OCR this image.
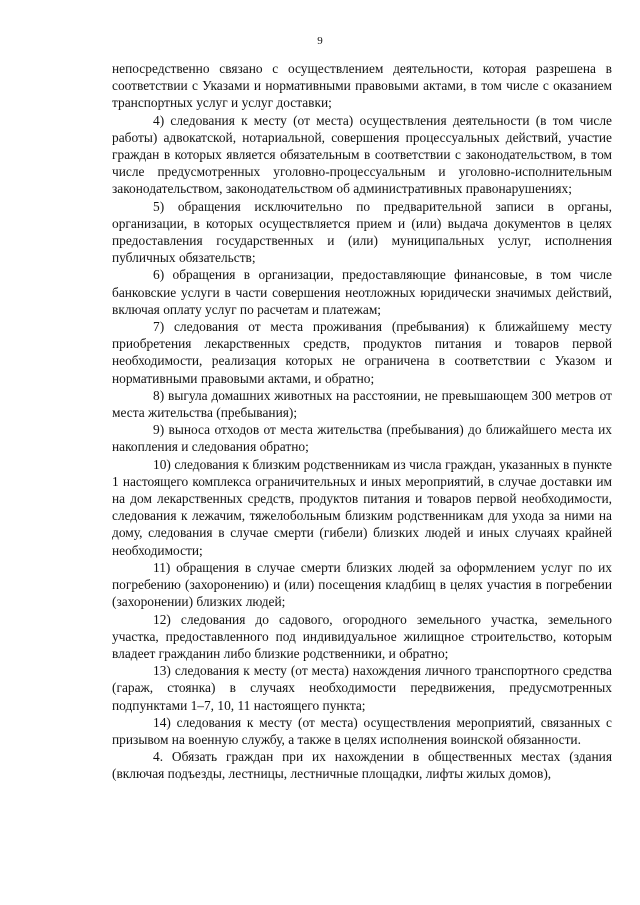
9

непосредственно связано с осуществлением деятельности, которая разрешена в соответствии с Указами и нормативными правовыми актами, в том числе с оказанием транспортных услуг и услуг доставки;

4) следования к месту (от места) осуществления деятельности (в том числе работы) адвокатской, нотариальной, совершения процессуальных действий, участие граждан в которых является обязательным в соответствии с законодательством, в том числе предусмотренных уголовно-процессуальным и уголовно-исполнительным законодательством, законодательством об административных правонарушениях;

5) обращения исключительно по предварительной записи в органы, организации, в которых осуществляется прием и (или) выдача документов в целях предоставления государственных и (или) муниципальных услуг, исполнения публичных обязательств;

6) обращения в организации, предоставляющие финансовые, в том числе банковские услуги в части совершения неотложных юридически значимых действий, включая оплату услуг по расчетам и платежам;

7) следования от места проживания (пребывания) к ближайшему месту приобретения лекарственных средств, продуктов питания и товаров первой необходимости, реализация которых не ограничена в соответствии с Указом и нормативными правовыми актами, и обратно;

8) выгула домашних животных на расстоянии, не превышающем 300 метров от места жительства (пребывания);

9) выноса отходов от места жительства (пребывания) до ближайшего места их накопления и следования обратно;

10) следования к близким родственникам из числа граждан, указанных в пункте 1 настоящего комплекса ограничительных и иных мероприятий, в случае доставки им на дом лекарственных средств, продуктов питания и товаров первой необходимости, следования к лежачим, тяжелобольным близким родственникам для ухода за ними на дому, следования в случае смерти (гибели) близких людей и иных случаях крайней необходимости;

11) обращения в случае смерти близких людей за оформлением услуг по их погребению (захоронению) и (или) посещения кладбищ в целях участия в погребении (захоронении) близких людей;

12) следования до садового, огородного земельного участка, земельного участка, предоставленного под индивидуальное жилищное строительство, которым владеет гражданин либо близкие родственники, и обратно;

13) следования к месту (от места) нахождения личного транспортного средства (гараж, стоянка) в случаях необходимости передвижения, предусмотренных подпунктами 1–7, 10, 11 настоящего пункта;

14) следования к месту (от места) осуществления мероприятий, связанных с призывом на военную службу, а также в целях исполнения воинской обязанности.

4. Обязать граждан при их нахождении в общественных местах (здания (включая подъезды, лестницы, лестничные площадки, лифты жилых домов),
